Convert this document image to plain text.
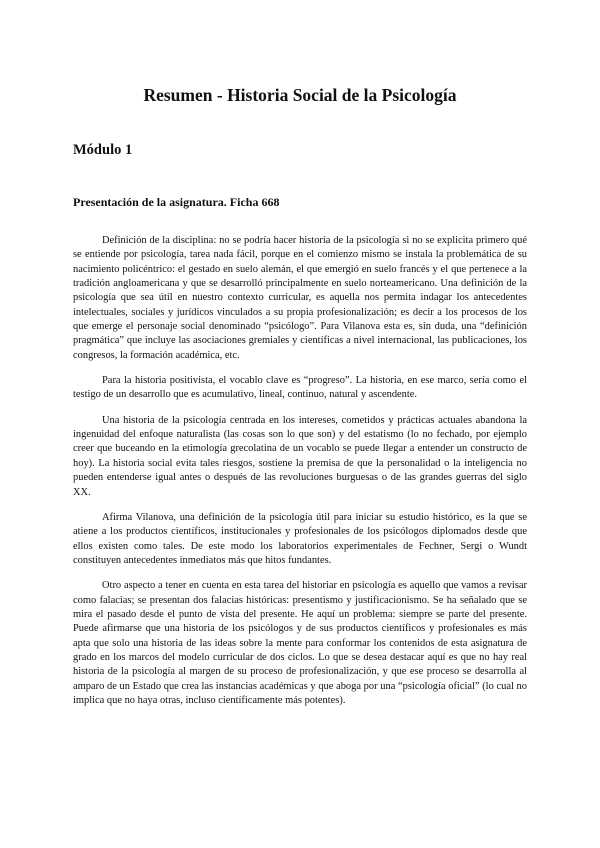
Resumen - Historia Social de la Psicología
Módulo 1
Presentación de la asignatura. Ficha 668

Definición de la disciplina: no se podría hacer historia de la psicología si no se explicita primero qué se entiende por psicología, tarea nada fácil, porque en el comienzo mismo se instala la problemática de su nacimiento policéntrico: el gestado en suelo alemán, el que emergió en suelo francés y el que pertenece a la tradición angloamericana y que se desarrolló principalmente en suelo norteamericano. Una definición de la psicología que sea útil en nuestro contexto curricular, es aquella nos permita indagar los antecedentes intelectuales, sociales y jurídicos vinculados a su propia profesionalización; es decir a los procesos de los que emerge el personaje social denominado “psicólogo”. Para Vilanova esta es, sin duda, una “definición pragmática” que incluye las asociaciones gremiales y científicas a nivel internacional, las publicaciones, los congresos, la formación académica, etc.

Para la historia positivista, el vocablo clave es “progreso”. La historia, en ese marco, sería como el testigo de un desarrollo que es acumulativo, lineal, continuo, natural y ascendente.

Una historia de la psicología centrada en los intereses, cometidos y prácticas actuales abandona la ingenuidad del enfoque naturalista (las cosas son lo que son) y del estatismo (lo no fechado, por ejemplo creer que buceando en la etimología grecolatina de un vocablo se puede llegar a entender un constructo de hoy). La historia social evita tales riesgos, sostiene la premisa de que la personalidad o la inteligencia no pueden entenderse igual antes o después de las revoluciones burguesas o de las grandes guerras del siglo XX.

Afirma Vilanova, una definición de la psicología útil para iniciar su estudio histórico, es la que se atiene a los productos científicos, institucionales y profesionales de los psicólogos diplomados desde que ellos existen como tales. De este modo los laboratorios experimentales de Fechner, Sergi o Wundt constituyen antecedentes inmediatos más que hitos fundantes.

Otro aspecto a tener en cuenta en esta tarea del historiar en psicología es aquello que vamos a revisar como falacias; se presentan dos falacias históricas: presentismo y justificacionismo. Se ha señalado que se mira el pasado desde el punto de vista del presente. He aquí un problema: siempre se parte del presente. Puede afirmarse que una historia de los psicólogos y de sus productos científicos y profesionales es más apta que solo una historia de las ideas sobre la mente para conformar los contenidos de esta asignatura de grado en los marcos del modelo curricular de dos ciclos. Lo que se desea destacar aquí es que no hay real historia de la psicología al margen de su proceso de profesionalización, y que ese proceso se desarrolla al amparo de un Estado que crea las instancias académicas y que aboga por una “psicología oficial” (lo cual no implica que no haya otras, incluso científicamente más potentes).
